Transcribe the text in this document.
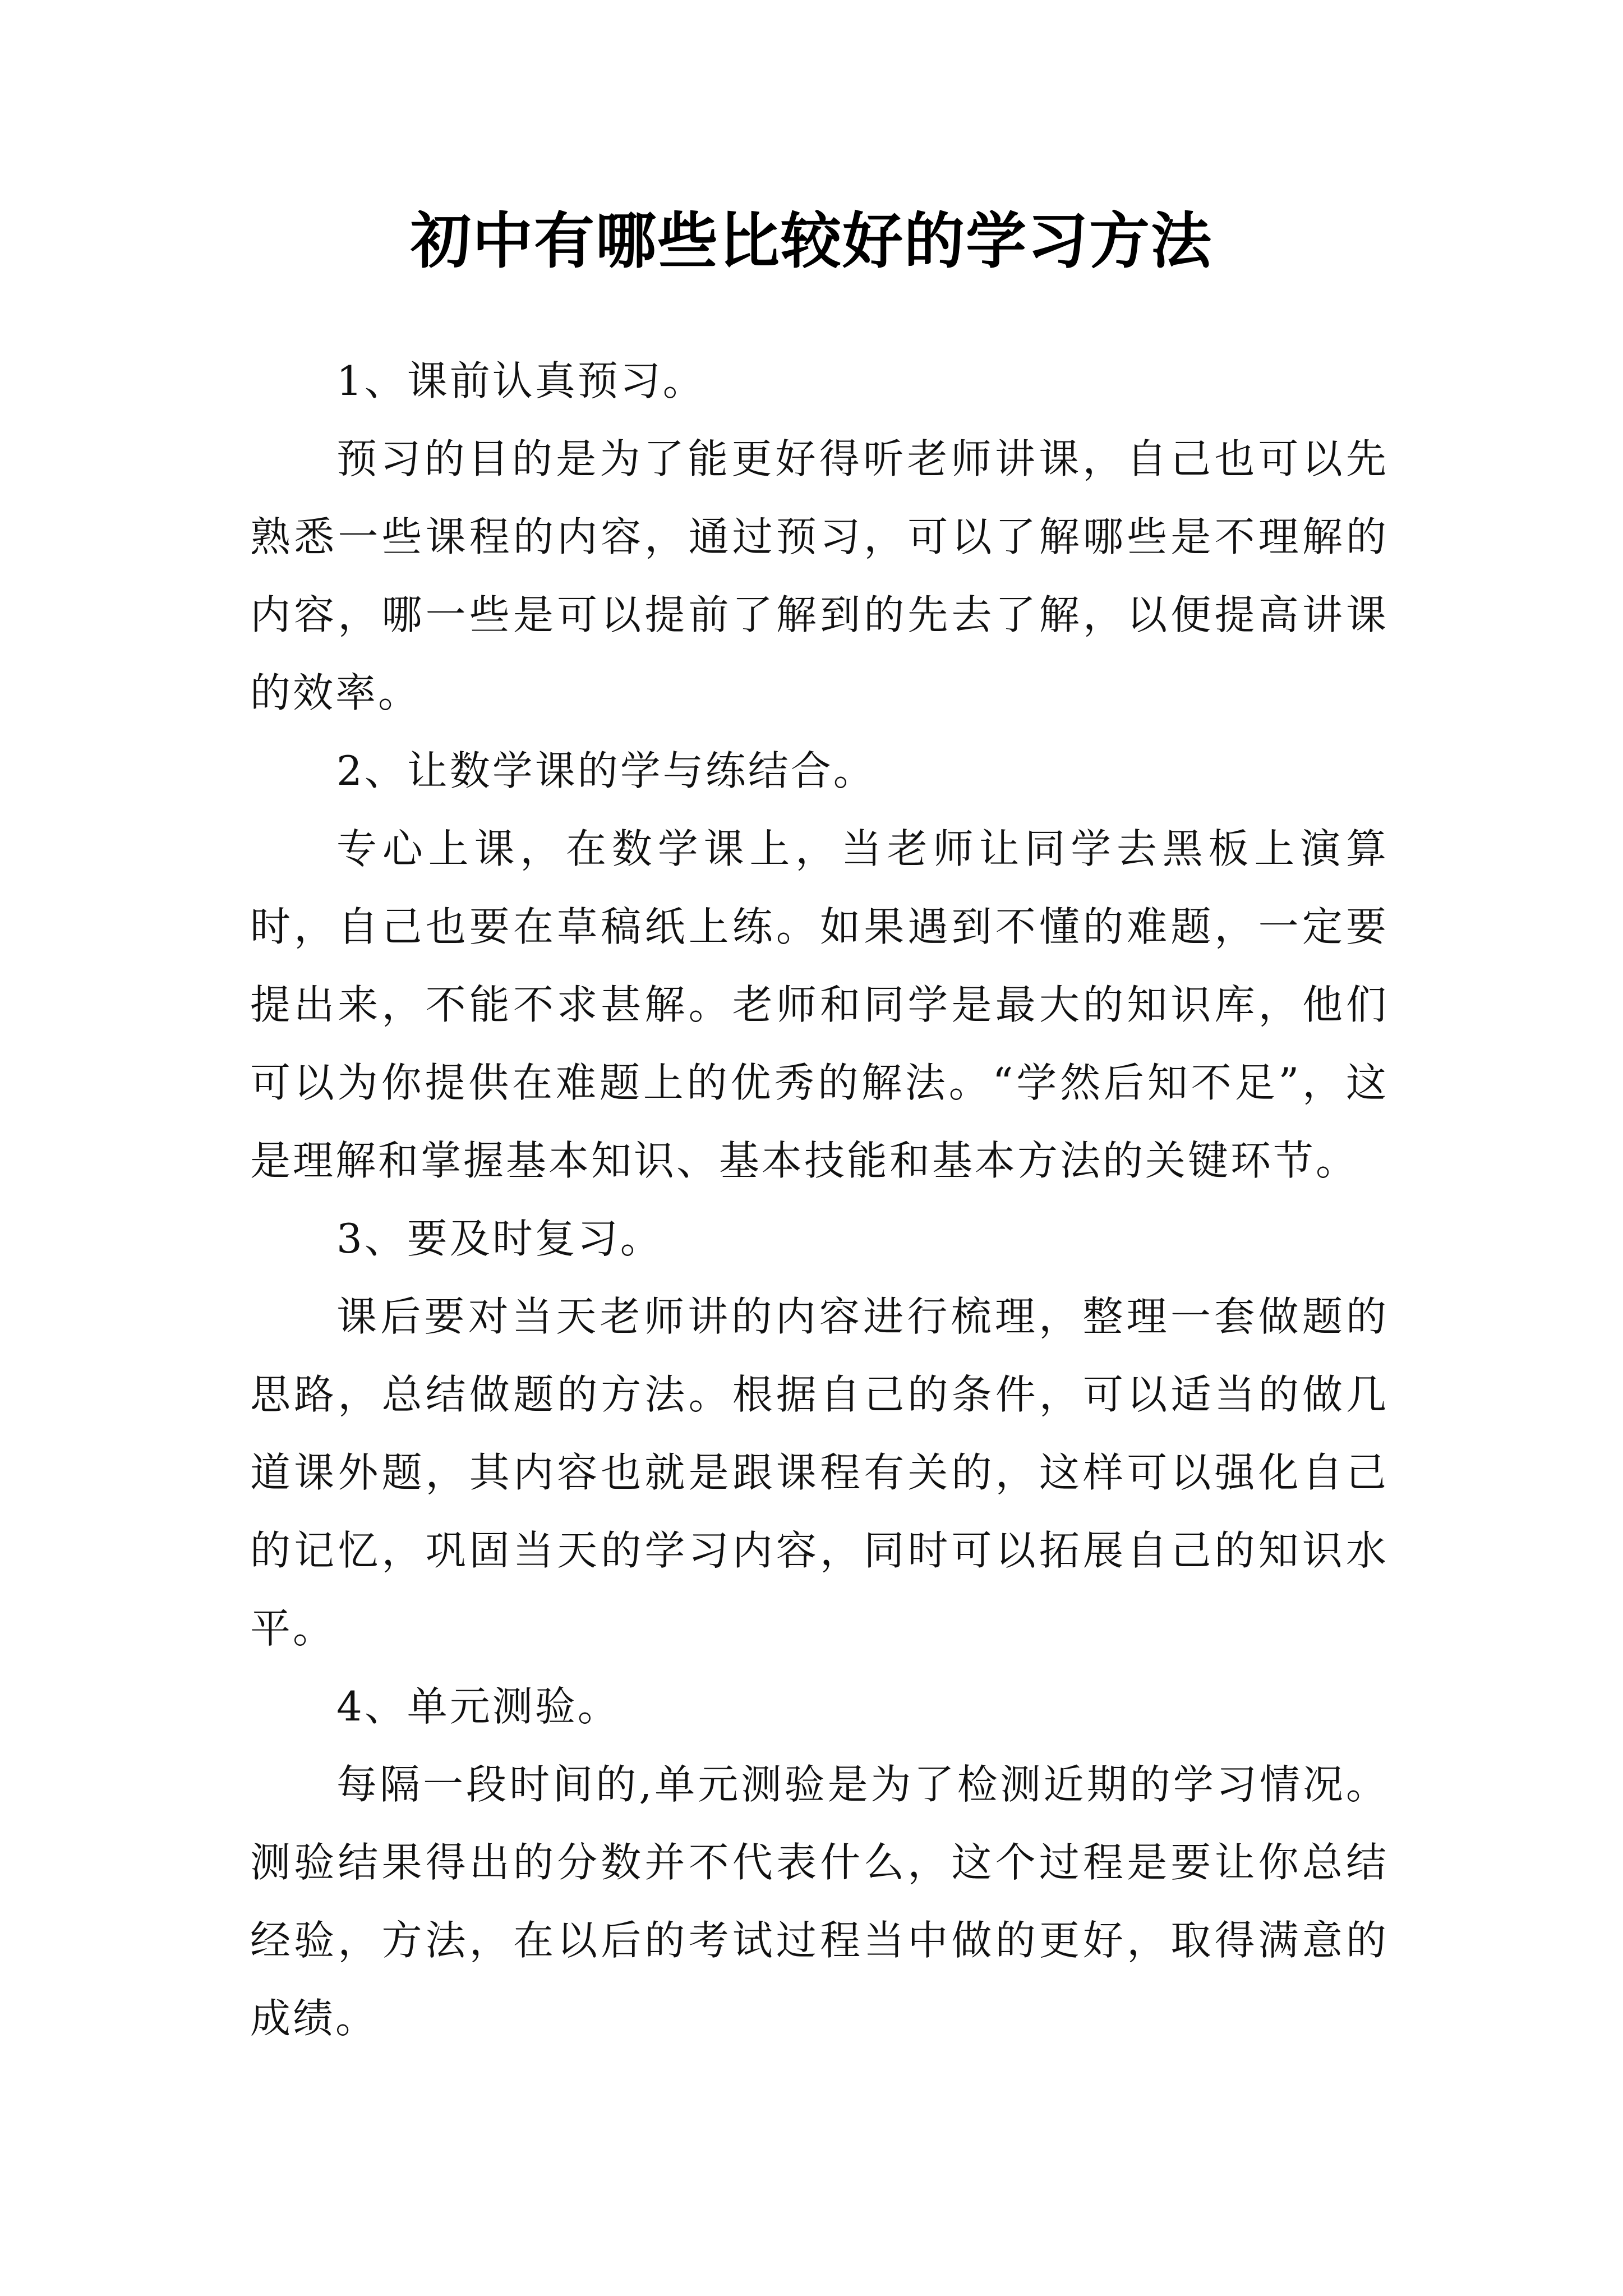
初中有哪些比较好的学习方法

1、课前认真预习。

预习的目的是为了能更好得听老师讲课，自己也可以先熟悉一些课程的内容，通过预习，可以了解哪些是不理解的内容，哪一些是可以提前了解到的先去了解，以便提高讲课的效率。

2、让数学课的学与练结合。

专心上课，在数学课上，当老师让同学去黑板上演算时，自己也要在草稿纸上练。如果遇到不懂的难题，一定要提出来，不能不求甚解。老师和同学是最大的知识库，他们可以为你提供在难题上的优秀的解法。“学然后知不足”，这是理解和掌握基本知识、基本技能和基本方法的关键环节。

3、要及时复习。

课后要对当天老师讲的内容进行梳理，整理一套做题的思路，总结做题的方法。根据自己的条件，可以适当的做几道课外题，其内容也就是跟课程有关的，这样可以强化自己的记忆，巩固当天的学习内容，同时可以拓展自己的知识水平。

4、单元测验。

每隔一段时间的,单元测验是为了检测近期的学习情况。测验结果得出的分数并不代表什么，这个过程是要让你总结经验，方法，在以后的考试过程当中做的更好，取得满意的成绩。
